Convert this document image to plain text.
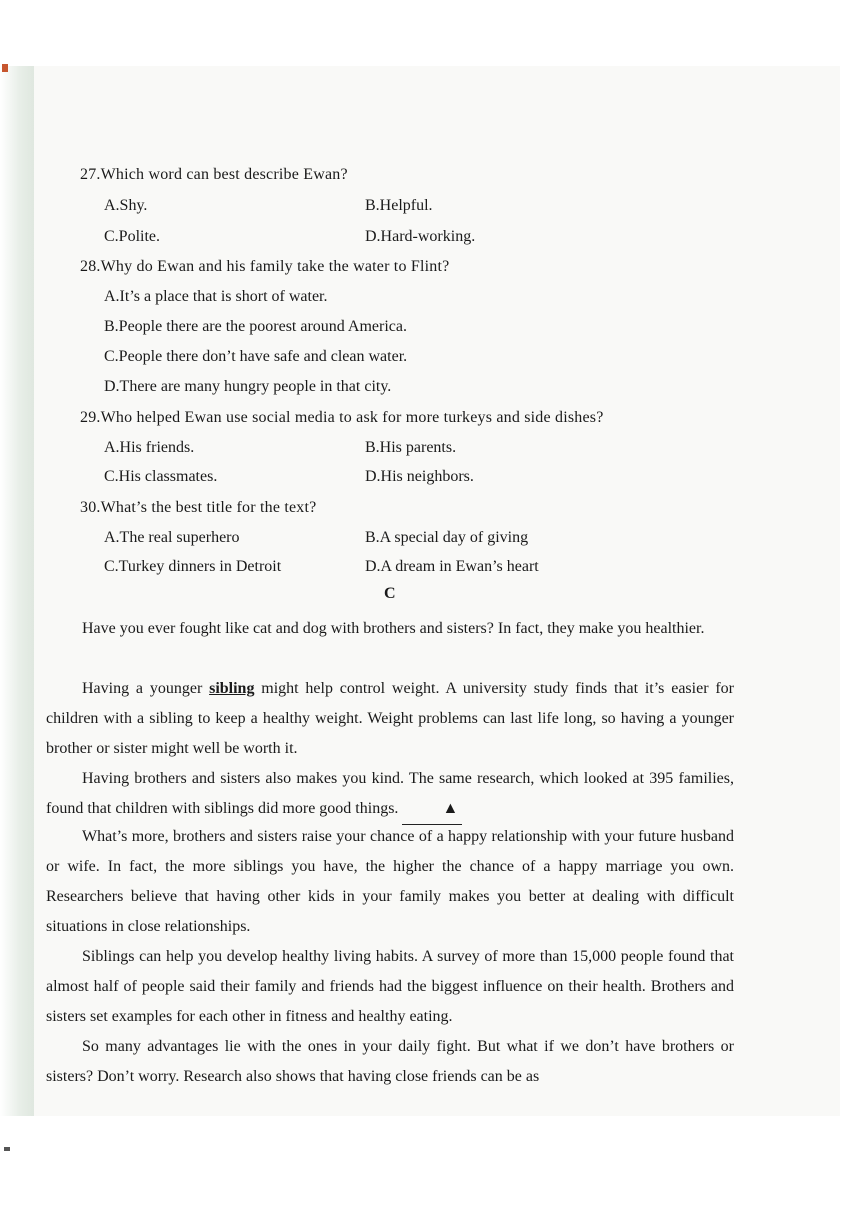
27.Which word can best describe Ewan?
A.Shy.	B.Helpful.
C.Polite.	D.Hard-working.
28.Why do Ewan and his family take the water to Flint?
A.It’s a place that is short of water.
B.People there are the poorest around America.
C.People there don’t have safe and clean water.
D.There are many hungry people in that city.
29.Who helped Ewan use social media to ask for more turkeys and side dishes?
A.His friends.	B.His parents.
C.His classmates.	D.His neighbors.
30.What’s the best title for the text?
A.The real superhero	B.A special day of giving
C.Turkey dinners in Detroit	D.A dream in Ewan’s heart
C
Have you ever fought like cat and dog with brothers and sisters? In fact, they make you healthier.
Having a younger sibling might help control weight. A university study finds that it’s easier for children with a sibling to keep a healthy weight. Weight problems can last life long, so having a younger brother or sister might well be worth it.
Having brothers and sisters also makes you kind. The same research, which looked at 395 families, found that children with siblings did more good things.	▲
What’s more, brothers and sisters raise your chance of a happy relationship with your future husband or wife. In fact, the more siblings you have, the higher the chance of a happy marriage you own. Researchers believe that having other kids in your family makes you better at dealing with difficult situations in close relationships.
Siblings can help you develop healthy living habits. A survey of more than 15,000 people found that almost half of people said their family and friends had the biggest influence on their health. Brothers and sisters set examples for each other in fitness and healthy eating.
So many advantages lie with the ones in your daily fight. But what if we don’t have brothers or sisters? Don’t worry. Research also shows that having close friends can be as
